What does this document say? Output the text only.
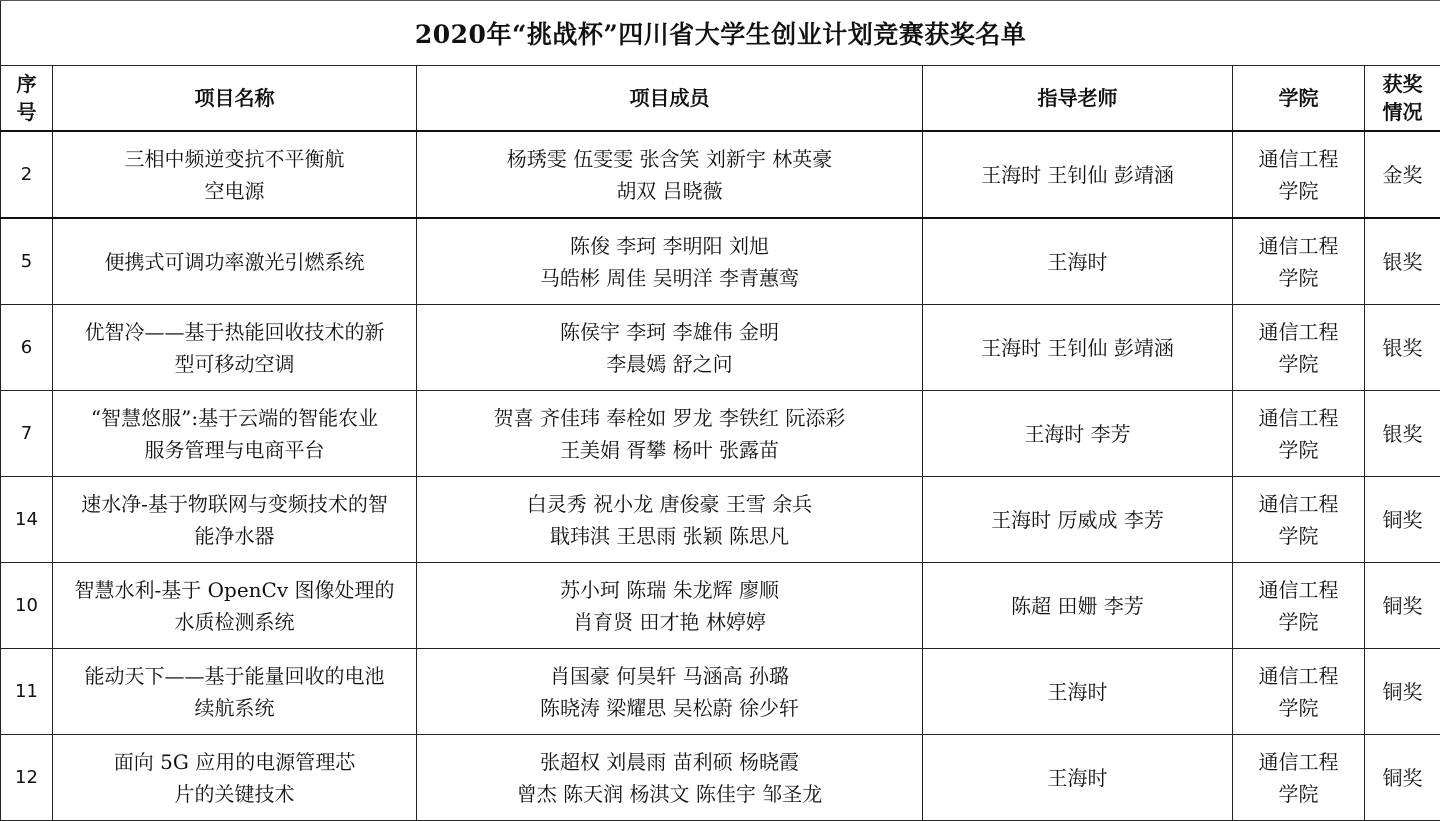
2020年“挑战杯”四川省大学生创业计划竞赛获奖名单					

序
号	项目名称	项目成员	指导老师	学院	获奖
情况

2	三相中频逆变抗不平衡航
空电源	杨琇雯 伍雯雯 张含笑 刘新宇 林英豪
胡双 吕晓薇	王海时 王钊仙 彭靖涵	通信工程
学院	金奖
5	便携式可调功率激光引燃系统	陈俊 李珂 李明阳 刘旭
马皓彬 周佳 吴明洋 李青蕙鸾	王海时	通信工程
学院	银奖
6	优智冷——基于热能回收技术的新
型可移动空调	陈侯宇 李珂 李雄伟 金明
李晨嫣 舒之问	王海时 王钊仙 彭靖涵	通信工程
学院	银奖
7	“智慧悠服”:基于云端的智能农业
服务管理与电商平台	贺喜 齐佳玮 奉栓如 罗龙 李铁红 阮添彩
王美娟 胥攀 杨叶 张露苗	王海时 李芳	通信工程
学院	银奖
14	速水净-基于物联网与变频技术的智
能净水器	白灵秀 祝小龙 唐俊豪 王雪 余兵
戢玮淇 王思雨 张颖 陈思凡	王海时 厉威成 李芳	通信工程
学院	铜奖
10	智慧水利-基于 OpenCv 图像处理的
水质检测系统	苏小珂 陈瑞 朱龙辉 廖顺
肖育贤 田才艳 林婷婷	陈超 田姗 李芳	通信工程
学院	铜奖
11	能动天下——基于能量回收的电池
续航系统	肖国豪 何昊轩 马涵高 孙璐
陈晓涛 梁耀思 吴松蔚 徐少轩	王海时	通信工程
学院	铜奖
12	面向 5G 应用的电源管理芯
片的关键技术	张超权 刘晨雨 苗利硕 杨晓霞
曾杰 陈天润 杨淇文 陈佳宇 邹圣龙	王海时	通信工程
学院	铜奖
